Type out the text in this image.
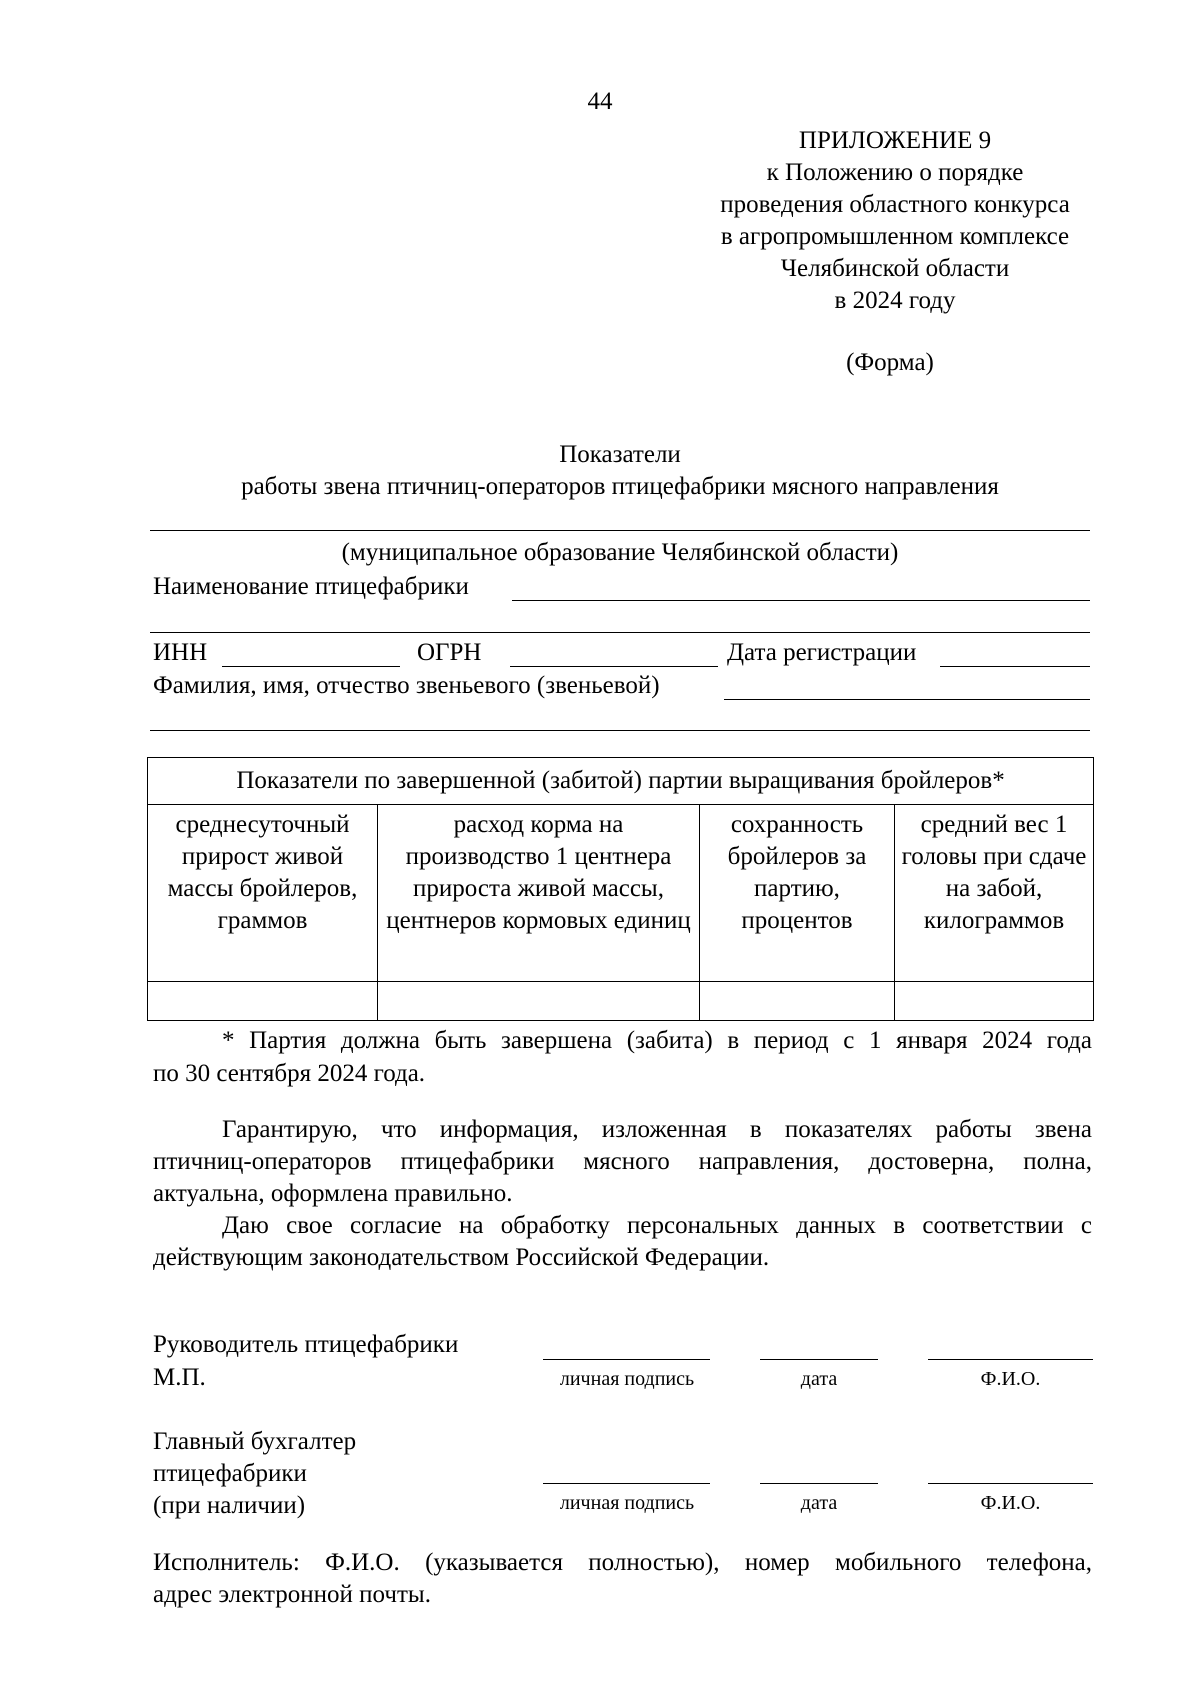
44
ПРИЛОЖЕНИЕ 9
к Положению о порядке
проведения областного конкурса
в агропромышленном комплексе
Челябинской области
в 2024 году
(Форма)
Показатели
работы звена птичниц-операторов птицефабрики мясного направления
(муниципальное образование Челябинской области)
Наименование птицефабрики
ИНН	ОГРН	Дата регистрации
Фамилия, имя, отчество звеньевого (звеньевой)
Показатели по завершенной (забитой) партии выращивания бройлеров*			
среднесуточный прирост живой массы бройлеров, граммов	расход корма на производство 1 центнера прироста живой массы, центнеров кормовых единиц	сохранность бройлеров за партию, процентов	средний вес 1 головы при сдаче на забой, килограммов

* Партия должна быть завершена (забита) в период с 1 января 2024 года
по 30 сентября 2024 года.
Гарантирую, что информация, изложенная в показателях работы звена
птичниц-операторов птицефабрики мясного направления, достоверна, полна,
актуальна, оформлена правильно.
Даю свое согласие на обработку персональных данных в соответствии с
действующим законодательством Российской Федерации.
Руководитель птицефабрики
М.П.	личная подпись	дата	Ф.И.О.
Главный бухгалтер
птицефабрики
(при наличии)	личная подпись	дата	Ф.И.О.
Исполнитель: Ф.И.О. (указывается полностью), номер мобильного телефона,
адрес электронной почты.
